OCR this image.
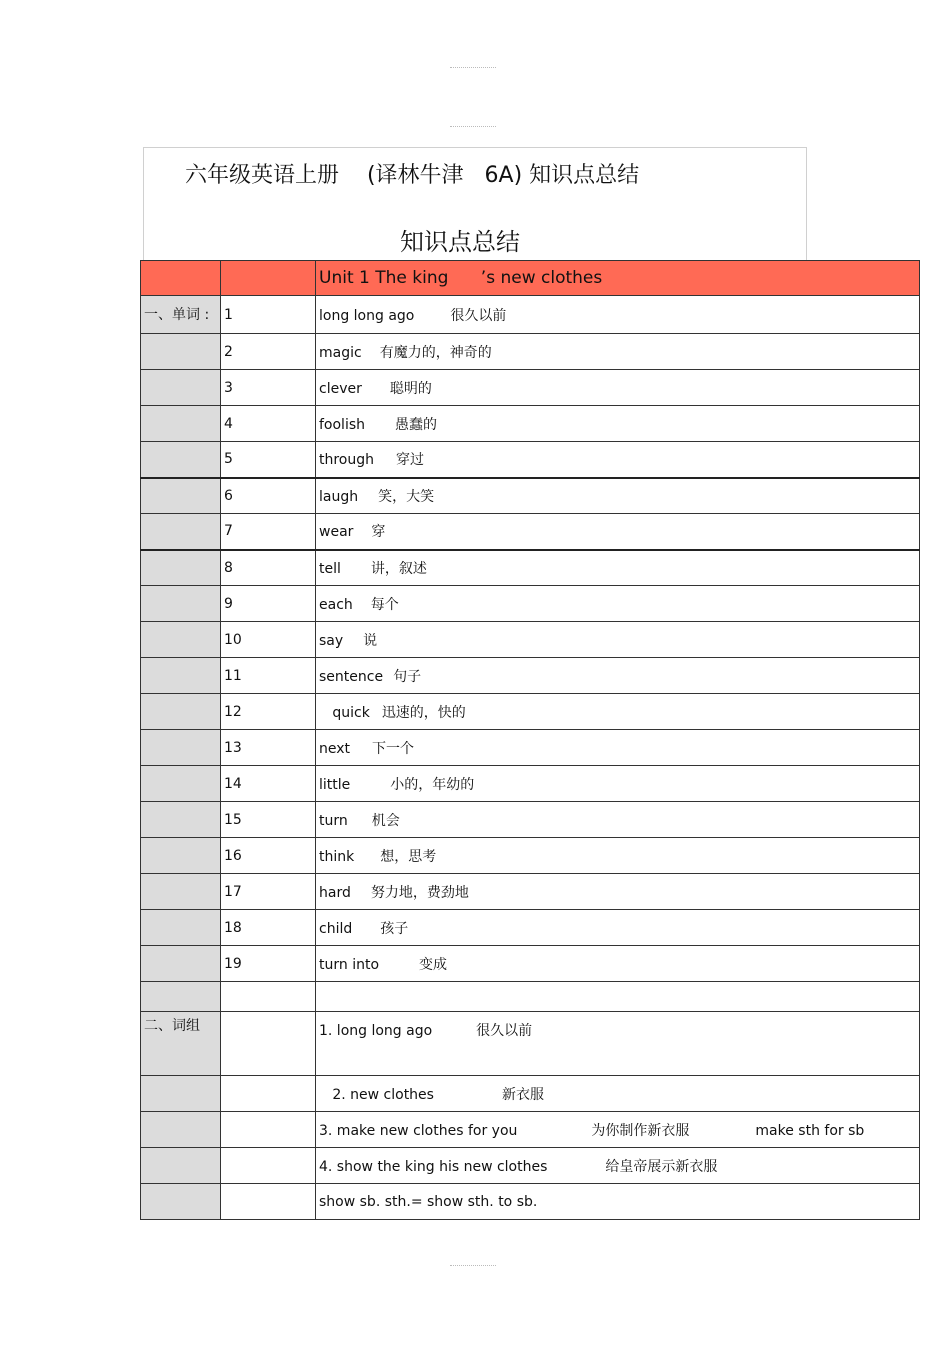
六年级英语上册    (译林牛津   6A) 知识点总结
知识点总结
		Unit 1 The king      ’s new clothes
一、单词 :	1	long long ago 很久以前
	2	magic 有魔力的，神奇的
	3	clever 聪明的
	4	foolish 愚蠢的
	5	through 穿过
	6	laugh 笑，大笑
	7	wear 穿
	8	tell 讲，叙述
	9	each 每个
	10	say 说
	11	sentence 句子
	12	quick 迅速的，快的
	13	next 下一个
	14	little 小的，年幼的
	15	turn 机会
	16	think 想，思考
	17	hard 努力地，费劲地
	18	child 孩子
	19	turn into 变成

二、词组		1. long long ago 很久以前
		2. new clothes 新衣服
		3. make new clothes for you 为你制作新衣服 make sth for sb
		4. show the king his new clothes 给皇帝展示新衣服
		show sb. sth.= show sth. to sb.
